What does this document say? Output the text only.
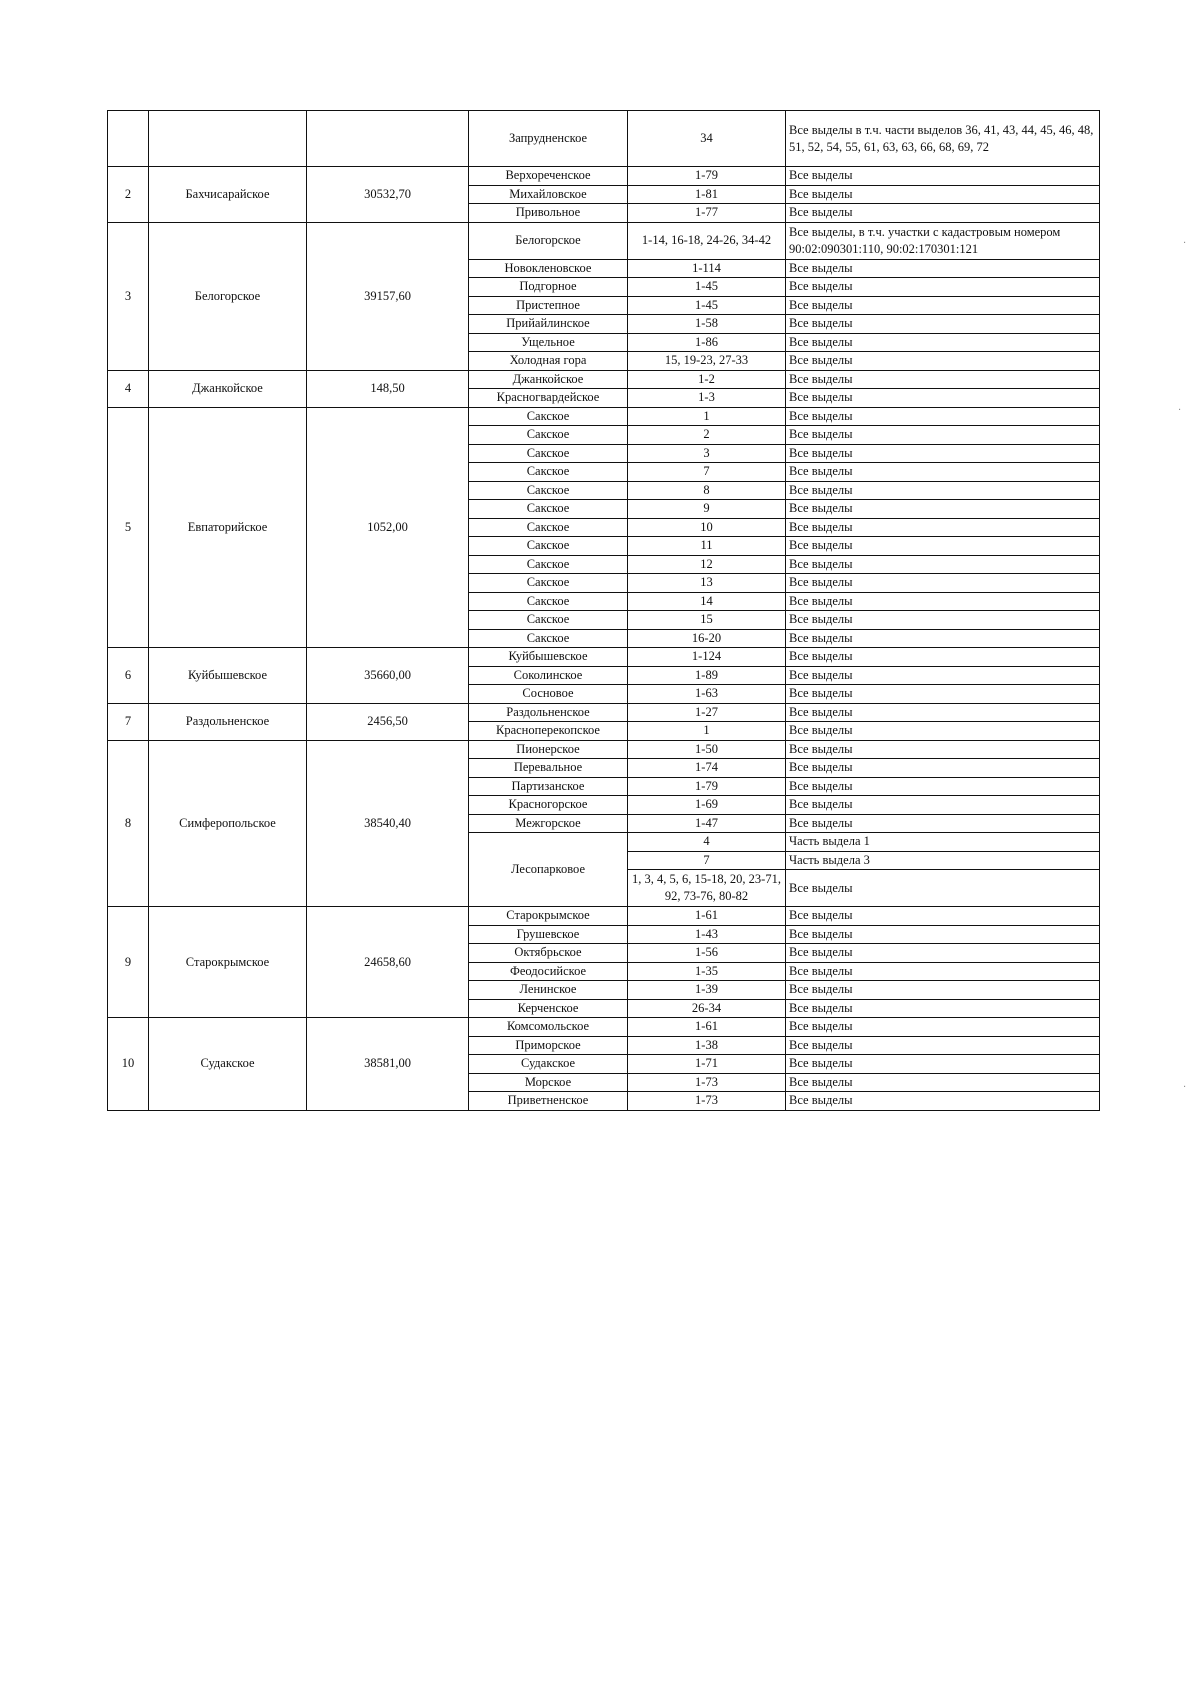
			Запрудненское	34	Все выделы в т.ч. части выделов 36, 41, 43, 44, 45, 46, 48, 51, 52, 54, 55, 61, 63, 63, 66, 68, 69, 72
2	Бахчисарайское	30532,70	Верхореченское	1-79	Все выделы
			Михайловское	1-81	Все выделы
			Привольное	1-77	Все выделы
3	Белогорское	39157,60	Белогорское	1-14, 16-18, 24-26, 34-42	Все выделы, в т.ч. участки с кадастровым номером 90:02:090301:110, 90:02:170301:121
			Новокленовское	1-114	Все выделы
			Подгорное	1-45	Все выделы
			Пристепное	1-45	Все выделы
			Прийайлинское	1-58	Все выделы
			Ущельное	1-86	Все выделы
			Холодная гора	15, 19-23, 27-33	Все выделы
4	Джанкойское	148,50	Джанкойское	1-2	Все выделы
			Красногвардейское	1-3	Все выделы
5	Евпаторийское	1052,00	Сакское	1	Все выделы
			Сакское	2	Все выделы
			Сакское	3	Все выделы
			Сакское	7	Все выделы
			Сакское	8	Все выделы
			Сакское	9	Все выделы
			Сакское	10	Все выделы
			Сакское	11	Все выделы
			Сакское	12	Все выделы
			Сакское	13	Все выделы
			Сакское	14	Все выделы
			Сакское	15	Все выделы
			Сакское	16-20	Все выделы
6	Куйбышевское	35660,00	Куйбышевское	1-124	Все выделы
			Соколинское	1-89	Все выделы
			Сосновое	1-63	Все выделы
7	Раздольненское	2456,50	Раздольненское	1-27	Все выделы
			Красноперекопское	1	Все выделы
8	Симферопольское	38540,40	Пионерское	1-50	Все выделы
			Перевальное	1-74	Все выделы
			Партизанское	1-79	Все выделы
			Красногорское	1-69	Все выделы
			Межгорское	1-47	Все выделы
			Лесопарковое	4	Часть выдела 1
				7	Часть выдела 3
				1, 3, 4, 5, 6, 15-18, 20, 23-71, 92, 73-76, 80-82	Все выделы
9	Старокрымское	24658,60	Старокрымское	1-61	Все выделы
			Грушевское	1-43	Все выделы
			Октябрьское	1-56	Все выделы
			Феодосийское	1-35	Все выделы
			Ленинское	1-39	Все выделы
			Керченское	26-34	Все выделы
10	Судакское	38581,00	Комсомольское	1-61	Все выделы
			Приморское	1-38	Все выделы
			Судакское	1-71	Все выделы
			Морское	1-73	Все выделы
			Приветненское	1-73	Все выделы
·
·
·
